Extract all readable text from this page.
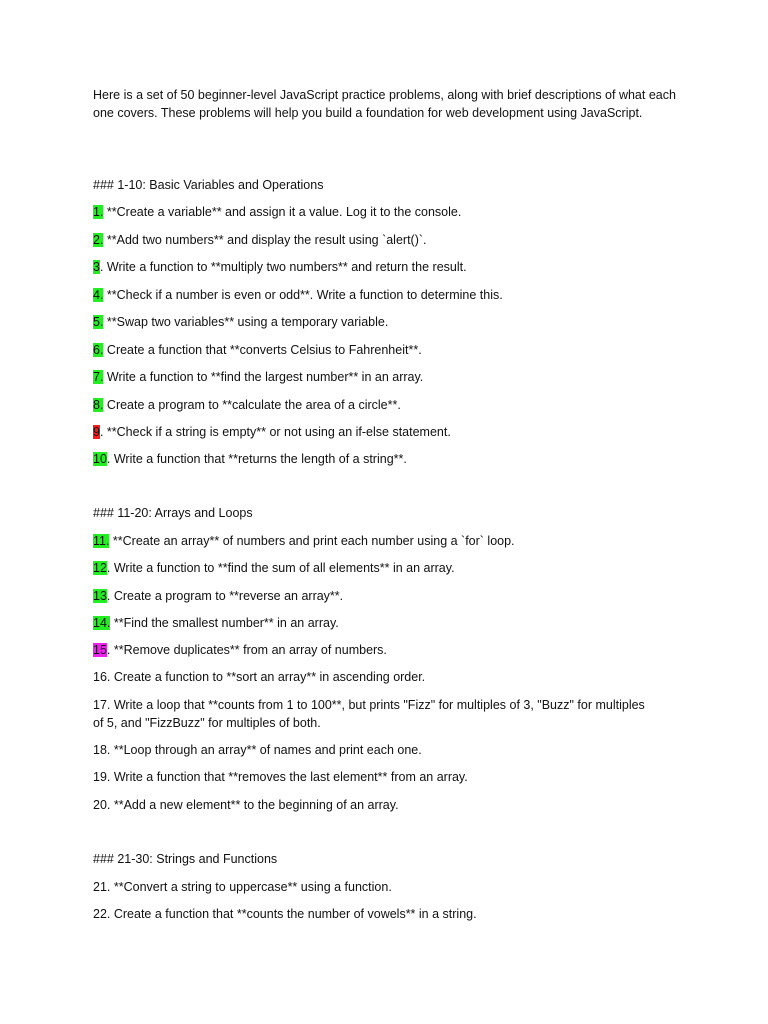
Here is a set of 50 beginner-level JavaScript practice problems, along with brief descriptions of what each one covers. These problems will help you build a foundation for web development using JavaScript.

### 1-10: Basic Variables and Operations

1. **Create a variable** and assign it a value. Log it to the console.

2. **Add two numbers** and display the result using `alert()`.

3. Write a function to **multiply two numbers** and return the result.

4. **Check if a number is even or odd**. Write a function to determine this.

5. **Swap two variables** using a temporary variable.

6. Create a function that **converts Celsius to Fahrenheit**.

7. Write a function to **find the largest number** in an array.

8. Create a program to **calculate the area of a circle**.

9. **Check if a string is empty** or not using an if-else statement.

10. Write a function that **returns the length of a string**.

### 11-20: Arrays and Loops

11. **Create an array** of numbers and print each number using a `for` loop.

12. Write a function to **find the sum of all elements** in an array.

13. Create a program to **reverse an array**.

14. **Find the smallest number** in an array.

15. **Remove duplicates** from an array of numbers.

16. Create a function to **sort an array** in ascending order.

17. Write a loop that **counts from 1 to 100**, but prints "Fizz" for multiples of 3, "Buzz" for multiples of 5, and "FizzBuzz" for multiples of both.

18. **Loop through an array** of names and print each one.

19. Write a function that **removes the last element** from an array.

20. **Add a new element** to the beginning of an array.

### 21-30: Strings and Functions

21. **Convert a string to uppercase** using a function.

22. Create a function that **counts the number of vowels** in a string.
